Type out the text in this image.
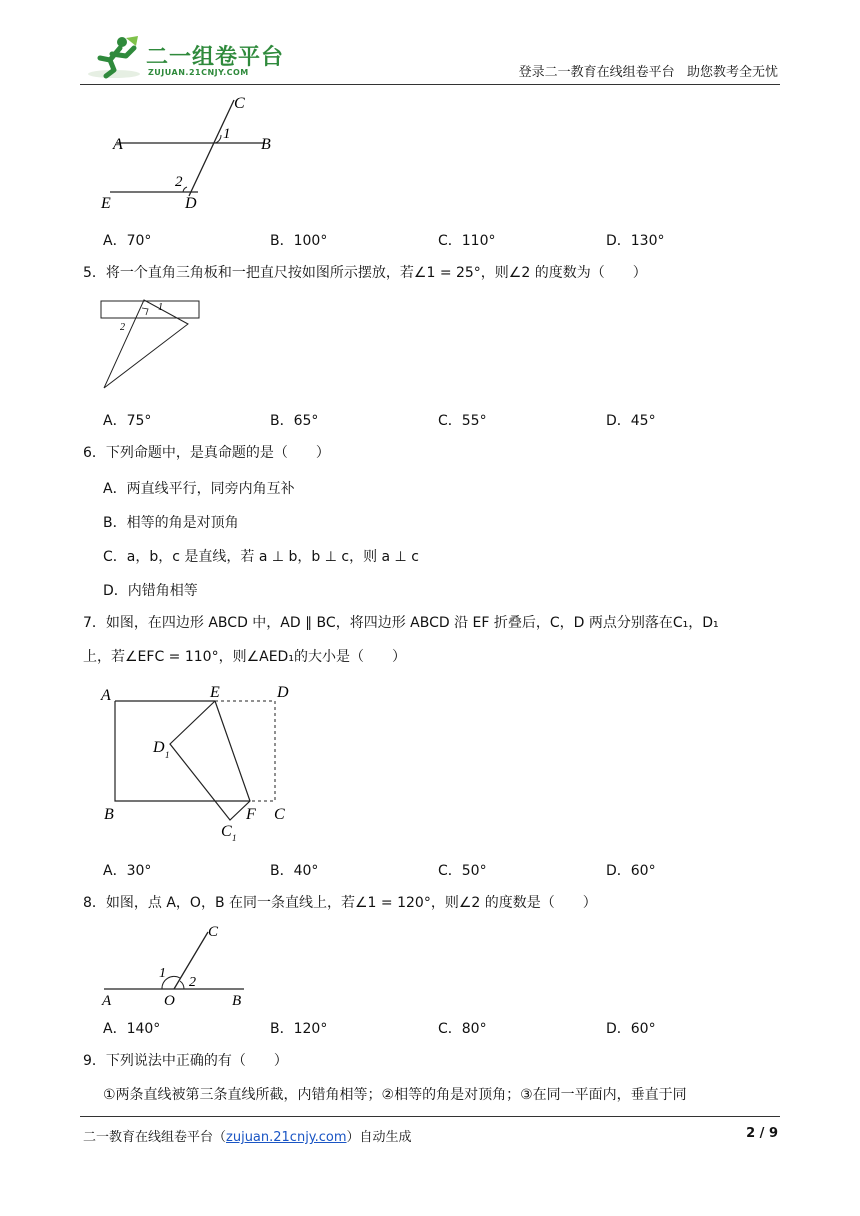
二一组卷平台
ZUJUAN.21CNJY.COM	登录二一教育在线组卷平台   助您教考全无忧
C
1
A	B
2
E	D
A．70°	B．100°	C．110°	D．130°
5．将一个直角三角板和一把直尺按如图所示摆放，若∠1 = 25°，则∠2 的度数为（　　）
1
2
A．75°	B．65°	C．55°	D．45°
6．下列命题中，是真命题的是（　　）
A．两直线平行，同旁内角互补
B．相等的角是对顶角
C．a，b，c 是直线，若 a ⊥ b，b ⊥ c，则 a ⊥ c
D．内错角相等
7．如图，在四边形 ABCD 中，AD ∥ BC，将四边形 ABCD 沿 EF 折叠后，C，D 两点分别落在C₁，D₁
上，若∠EFC = 110°，则∠AED₁的大小是（　　）
A	E	D
D 1
B	F C
C 1
A．30°	B．40°	C．50°	D．60°
8．如图，点 A，O，B 在同一条直线上，若∠1 = 120°，则∠2 的度数是（　　）
C
1
2
A	O	B
A．140°	B．120°	C．80°	D．60°
9．下列说法中正确的有（　　）
①两条直线被第三条直线所截，内错角相等；②相等的角是对顶角；③在同一平面内，垂直于同
二一教育在线组卷平台（zujuan.21cnjy.com）自动生成	2 / 9
